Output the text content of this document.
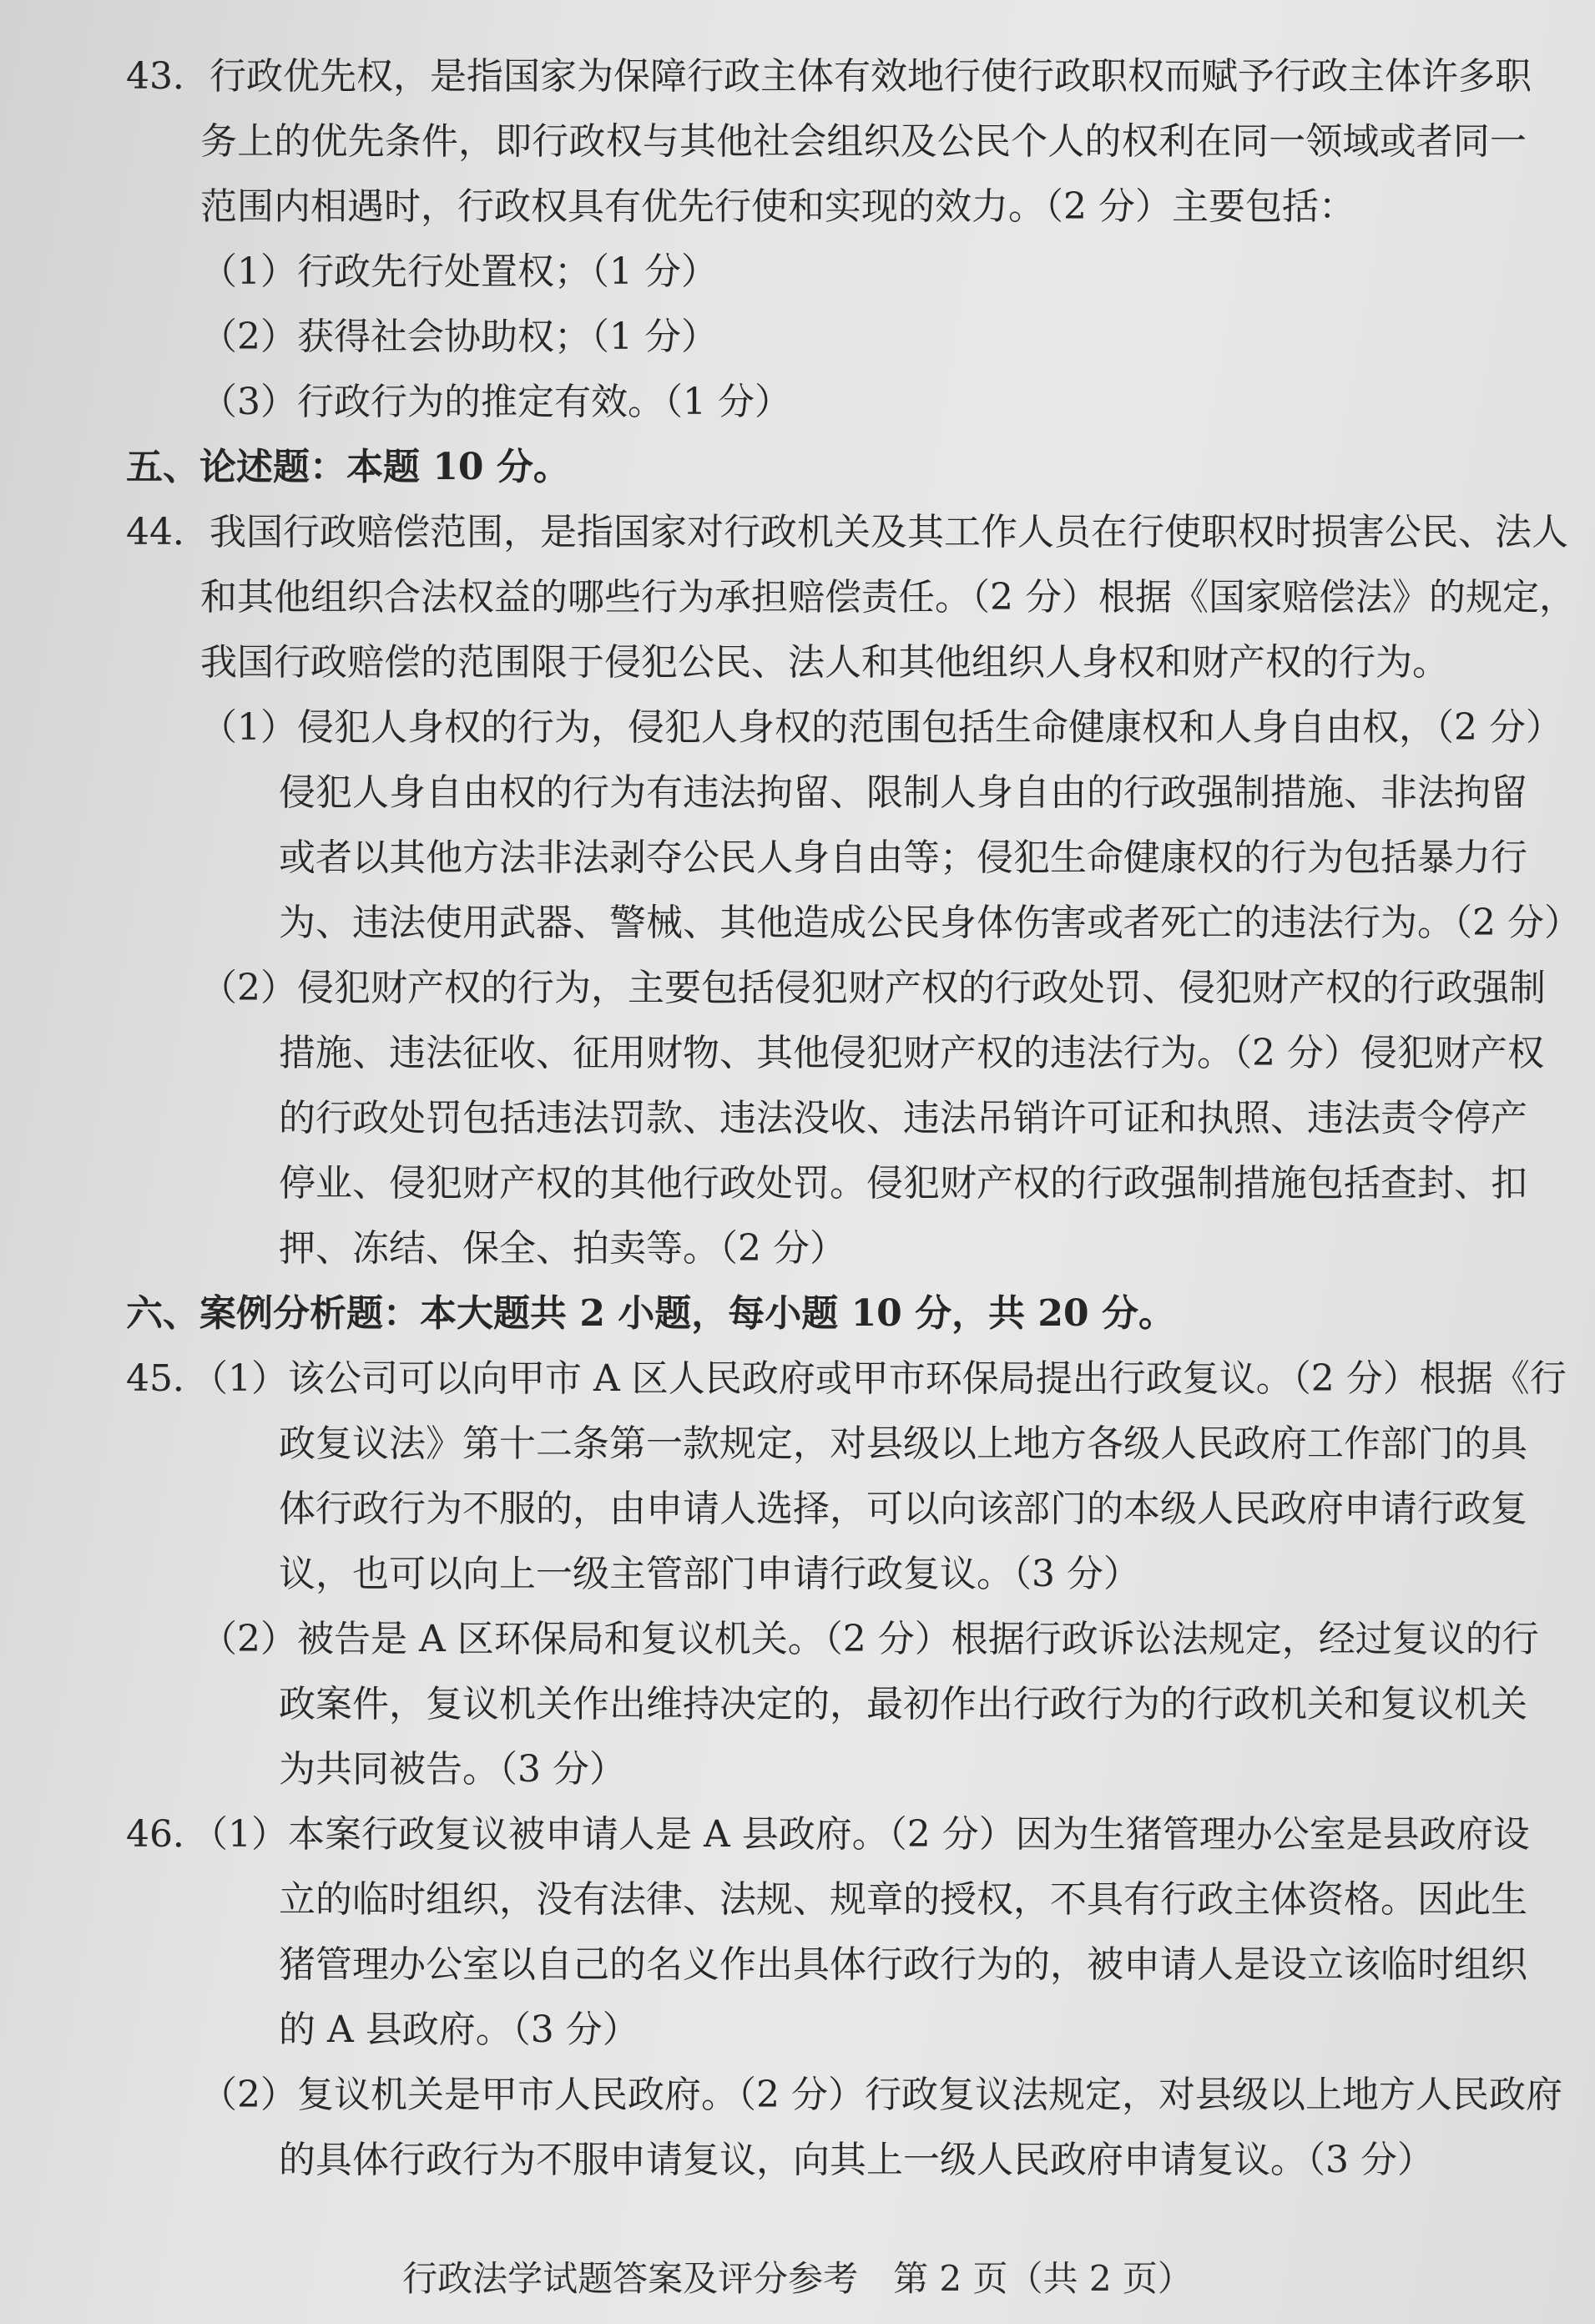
43．行政优先权，是指国家为保障行政主体有效地行使行政职权而赋予行政主体许多职
务上的优先条件，即行政权与其他社会组织及公民个人的权利在同一领域或者同一
范围内相遇时，行政权具有优先行使和实现的效力。（2 分）主要包括：
（1）行政先行处置权；（1 分）
（2）获得社会协助权；（1 分）
（3）行政行为的推定有效。（1 分）
五、论述题：本题 10 分。
44．我国行政赔偿范围，是指国家对行政机关及其工作人员在行使职权时损害公民、法人
和其他组织合法权益的哪些行为承担赔偿责任。（2 分）根据《国家赔偿法》的规定，
我国行政赔偿的范围限于侵犯公民、法人和其他组织人身权和财产权的行为。
（1）侵犯人身权的行为，侵犯人身权的范围包括生命健康权和人身自由权，（2 分）
侵犯人身自由权的行为有违法拘留、限制人身自由的行政强制措施、非法拘留
或者以其他方法非法剥夺公民人身自由等；侵犯生命健康权的行为包括暴力行
为、违法使用武器、警械、其他造成公民身体伤害或者死亡的违法行为。（2 分）
（2）侵犯财产权的行为，主要包括侵犯财产权的行政处罚、侵犯财产权的行政强制
措施、违法征收、征用财物、其他侵犯财产权的违法行为。（2 分）侵犯财产权
的行政处罚包括违法罚款、违法没收、违法吊销许可证和执照、违法责令停产
停业、侵犯财产权的其他行政处罚。侵犯财产权的行政强制措施包括查封、扣
押、冻结、保全、拍卖等。（2 分）
六、案例分析题：本大题共 2 小题，每小题 10 分，共 20 分。
45．（1）该公司可以向甲市 A 区人民政府或甲市环保局提出行政复议。（2 分）根据《行
政复议法》第十二条第一款规定，对县级以上地方各级人民政府工作部门的具
体行政行为不服的，由申请人选择，可以向该部门的本级人民政府申请行政复
议，也可以向上一级主管部门申请行政复议。（3 分）
（2）被告是 A 区环保局和复议机关。（2 分）根据行政诉讼法规定，经过复议的行
政案件，复议机关作出维持决定的，最初作出行政行为的行政机关和复议机关
为共同被告。（3 分）
46．（1）本案行政复议被申请人是 A 县政府。（2 分）因为生猪管理办公室是县政府设
立的临时组织，没有法律、法规、规章的授权，不具有行政主体资格。因此生
猪管理办公室以自己的名义作出具体行政行为的，被申请人是设立该临时组织
的 A 县政府。（3 分）
（2）复议机关是甲市人民政府。（2 分）行政复议法规定，对县级以上地方人民政府
的具体行政行为不服申请复议，向其上一级人民政府申请复议。（3 分）
行政法学试题答案及评分参考　第 2 页（共 2 页）
